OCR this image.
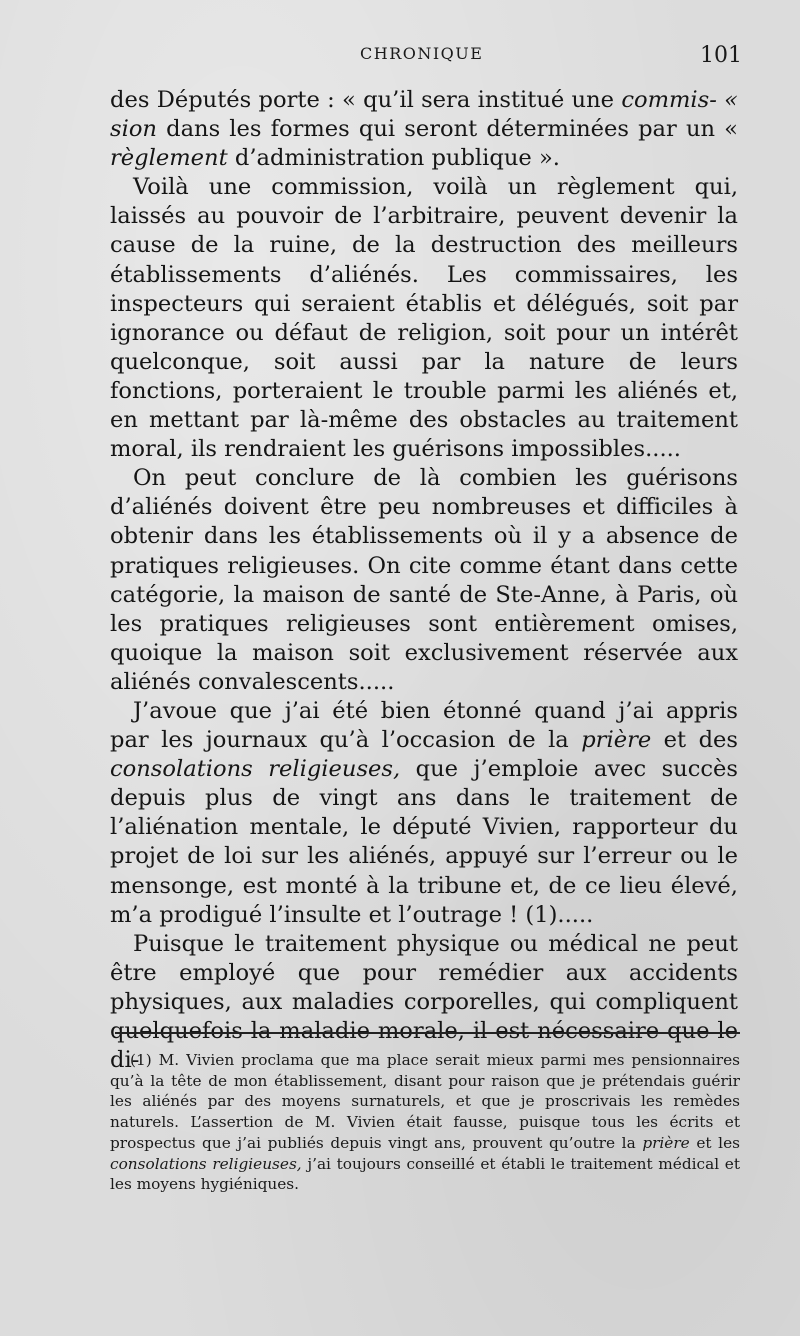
CHRONIQUE	101

des Députés porte : « qu’il sera institué une commis- « sion dans les formes qui seront déterminées par un « règlement d’administration publique ».

Voilà une commission, voilà un règlement qui, laissés au pouvoir de l’arbitraire, peuvent devenir la cause de la ruine, de la destruction des meilleurs établissements d’aliénés. Les commissaires, les inspecteurs qui seraient établis et délégués, soit par ignorance ou défaut de religion, soit pour un intérêt quelconque, soit aussi par la nature de leurs fonctions, porteraient le trouble parmi les aliénés et, en mettant par là-même des obstacles au traitement moral, ils rendraient les guérisons impossibles.....

On peut conclure de là combien les guérisons d’aliénés doivent être peu nombreuses et difficiles à obtenir dans les établissements où il y a absence de pratiques religieuses. On cite comme étant dans cette catégorie, la maison de santé de Ste-Anne, à Paris, où les pratiques religieuses sont entièrement omises, quoique la maison soit exclusivement réservée aux aliénés convalescents.....

J’avoue que j’ai été bien étonné quand j’ai appris par les journaux qu’à l’occasion de la prière et des consolations religieuses, que j’emploie avec succès depuis plus de vingt ans dans le traitement de l’aliénation mentale, le député Vivien, rapporteur du projet de loi sur les aliénés, appuyé sur l’erreur ou le mensonge, est monté à la tribune et, de ce lieu élevé, m’a prodigué l’insulte et l’outrage ! (1).....

Puisque le traitement physique ou médical ne peut être employé que pour remédier aux accidents physiques, aux maladies corporelles, qui compliquent quelquefois la maladie morale, il est nécessaire que le di-

(1) M. Vivien proclama que ma place serait mieux parmi mes pensionnaires qu’à la tête de mon établissement, disant pour raison que je prétendais guérir les aliénés par des moyens surnaturels, et que je proscrivais les remèdes naturels. L’assertion de M. Vivien était fausse, puisque tous les écrits et prospectus que j’ai publiés depuis vingt ans, prouvent qu’outre la prière et les consolations religieuses, j’ai toujours conseillé et établi le traitement médical et les moyens hygiéniques.
